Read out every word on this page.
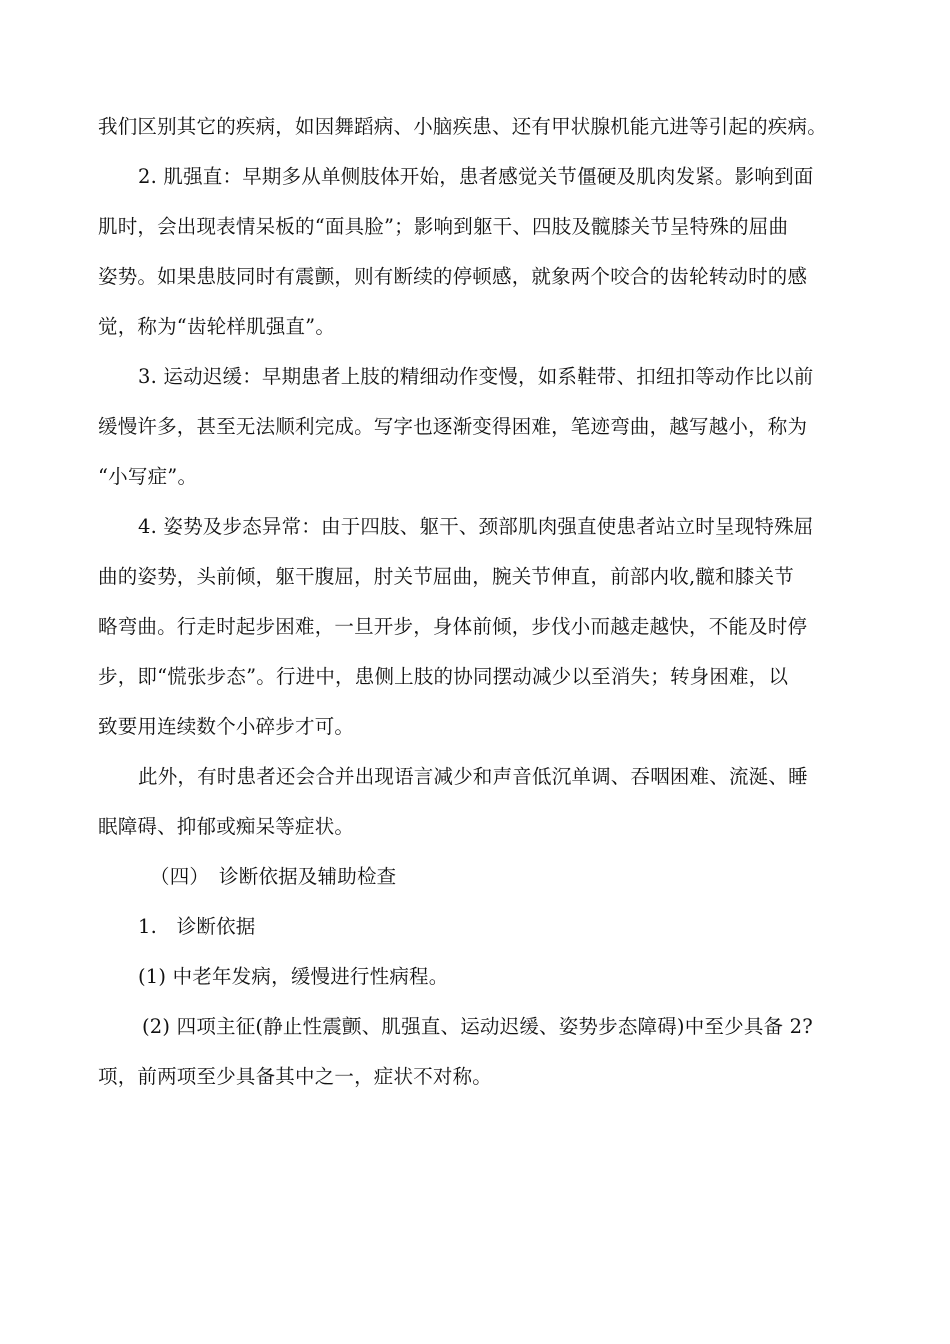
我们区别其它的疾病，如因舞蹈病、小脑疾患、还有甲状腺机能亢进等引起的疾病。
2. 肌强直：早期多从单侧肢体开始，患者感觉关节僵硬及肌肉发紧。影响到面
肌时，会出现表情呆板的“面具脸”；影响到躯干、四肢及髋膝关节呈特殊的屈曲
姿势。如果患肢同时有震颤，则有断续的停顿感，就象两个咬合的齿轮转动时的感
觉，称为“齿轮样肌强直”。
3. 运动迟缓：早期患者上肢的精细动作变慢，如系鞋带、扣纽扣等动作比以前
缓慢许多，甚至无法顺利完成。写字也逐渐变得困难，笔迹弯曲，越写越小，称为
“小写症”。
4. 姿势及步态异常：由于四肢、躯干、颈部肌肉强直使患者站立时呈现特殊屈
曲的姿势，头前倾，躯干腹屈，肘关节屈曲，腕关节伸直，前部内收,髋和膝关节
略弯曲。行走时起步困难，一旦开步，身体前倾，步伐小而越走越快，不能及时停
步，即“慌张步态”。行进中，患侧上肢的协同摆动减少以至消失；转身困难，以
致要用连续数个小碎步才可。
此外，有时患者还会合并出现语言减少和声音低沉单调、吞咽困难、流涎、睡
眠障碍、抑郁或痴呆等症状。
（四）　诊断依据及辅助检查
1.　诊断依据
(1) 中老年发病，缓慢进行性病程。
(2) 四项主征(静止性震颤、肌强直、运动迟缓、姿势步态障碍)中至少具备 2?
项，前两项至少具备其中之一，症状不对称。
